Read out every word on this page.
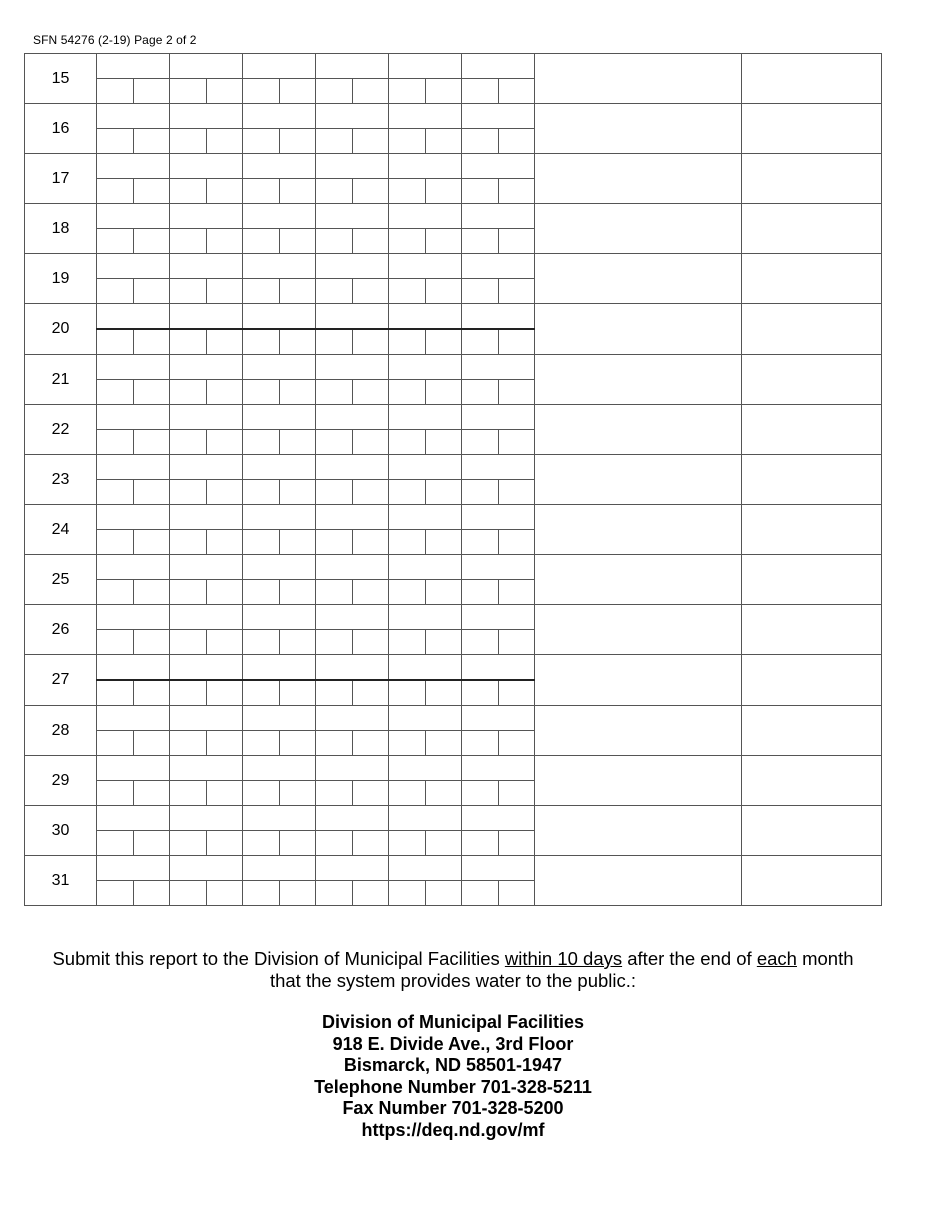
SFN 54276 (2-19) Page 2 of 2
15														

16														

17														

18														

19														

20														

21														

22														

23														

24														

25														

26														

27														

28														

29														

30														

31														

Submit this report to the Division of Municipal Facilities within 10 days after the end of each month
that the system provides water to the public.:

Division of Municipal Facilities
918 E. Divide Ave., 3rd Floor
Bismarck, ND 58501-1947
Telephone Number 701-328-5211
Fax Number 701-328-5200
https://deq.nd.gov/mf
